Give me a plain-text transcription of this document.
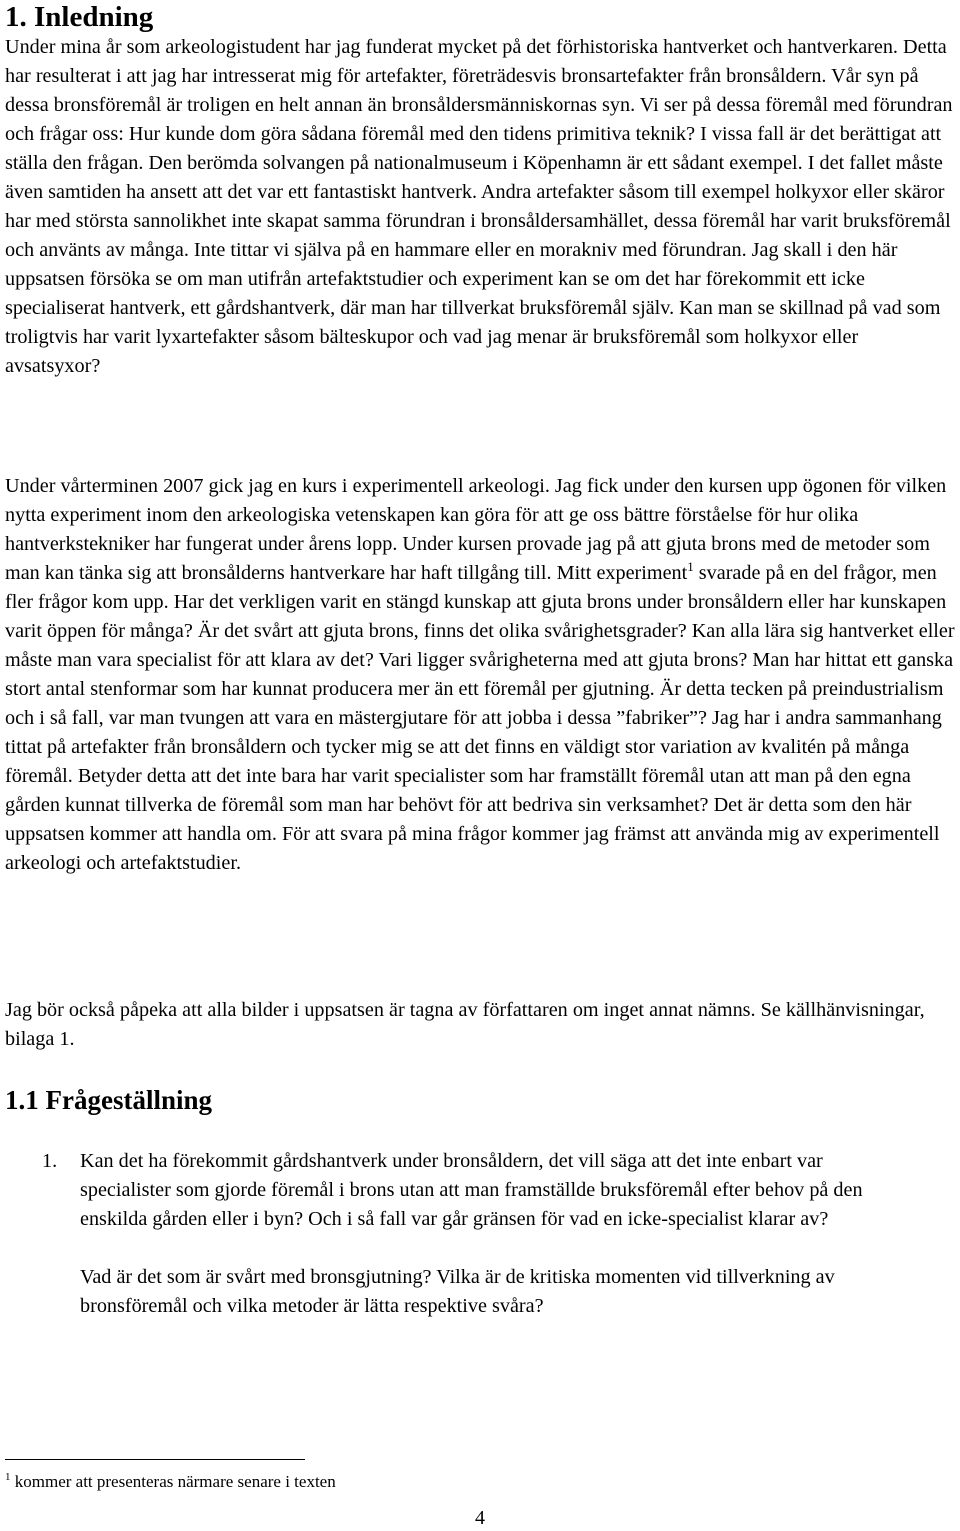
1. Inledning

Under mina år som arkeologistudent har jag funderat mycket på det förhistoriska hantverket och hantverkaren. Detta har resulterat i att jag har intresserat mig för artefakter, företrädesvis bronsartefakter från bronsåldern. Vår syn på dessa bronsföremål är troligen en helt annan än bronsåldersmänniskornas syn. Vi ser på dessa föremål med förundran och frågar oss: Hur kunde dom göra sådana föremål med den tidens primitiva teknik? I vissa fall är det berättigat att ställa den frågan. Den berömda solvangen på nationalmuseum i Köpenhamn är ett sådant exempel. I det fallet måste även samtiden ha ansett att det var ett fantastiskt hantverk. Andra artefakter såsom till exempel holkyxor eller skäror har med största sannolikhet inte skapat samma förundran i bronsåldersamhället, dessa föremål har varit bruksföremål och använts av många. Inte tittar vi själva på en hammare eller en morakniv med förundran. Jag skall i den här uppsatsen försöka se om man utifrån artefaktstudier och experiment kan se om det har förekommit ett icke specialiserat hantverk, ett gårdshantverk, där man har tillverkat bruksföremål själv. Kan man se skillnad på vad som troligtvis har varit lyxartefakter såsom bälteskupor och vad jag menar är bruksföremål som holkyxor eller avsatsyxor?

Under vårterminen 2007 gick jag en kurs i experimentell arkeologi. Jag fick under den kursen upp ögonen för vilken nytta experiment inom den arkeologiska vetenskapen kan göra för att ge oss bättre förståelse för hur olika hantverkstekniker har fungerat under årens lopp. Under kursen provade jag på att gjuta brons med de metoder som man kan tänka sig att bronsålderns hantverkare har haft tillgång till. Mitt experiment$^1$ svarade på en del frågor, men fler frågor kom upp. Har det verkligen varit en stängd kunskap att gjuta brons under bronsåldern eller har kunskapen varit öppen för många? Är det svårt att gjuta brons, finns det olika svårighetsgrader? Kan alla lära sig hantverket eller måste man vara specialist för att klara av det? Vari ligger svårigheterna med att gjuta brons? Man har hittat ett ganska stort antal stenformar som har kunnat producera mer än ett föremål per gjutning. Är detta tecken på preindustrialism och i så fall, var man tvungen att vara en mästergjutare för att jobba i dessa ”fabriker”? Jag har i andra sammanhang tittat på artefakter från bronsåldern och tycker mig se att det finns en väldigt stor variation av kvalitén på många föremål. Betyder detta att det inte bara har varit specialister som har framställt föremål utan att man på den egna gården kunnat tillverka de föremål som man har behövt för att bedriva sin verksamhet? Det är detta som den här uppsatsen kommer att handla om. För att svara på mina frågor kommer jag främst att använda mig av experimentell arkeologi och artefaktstudier.

Jag bör också påpeka att alla bilder i uppsatsen är tagna av författaren om inget annat nämns. Se källhänvisningar, bilaga 1.

1.1 Frågeställning
1. Kan det ha förekommit gårdshantverk under bronsåldern, det vill säga att det inte enbart var specialister som gjorde föremål i brons utan att man framställde bruksföremål efter behov på den enskilda gården eller i byn? Och i så fall var går gränsen för vad en icke-specialist klarar av?

Vad är det som är svårt med bronsgjutning? Vilka är de kritiska momenten vid tillverkning av bronsföremål och vilka metoder är lätta respektive svåra?

$^1$ kommer att presenteras närmare senare i texten
4
